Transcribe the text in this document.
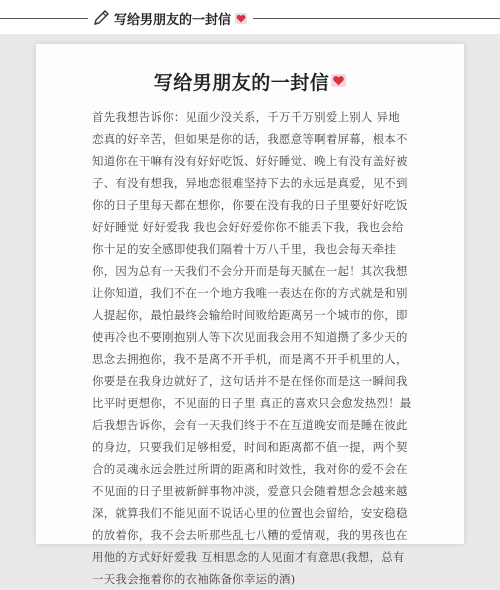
写给男朋友的一封信
写给男朋友的一封信
首先我想告诉你：见面少没关系，千万千万别爱上别人 异地
恋真的好辛苦，但如果是你的话，我愿意等啊着屏幕，根本不
知道你在干嘛有没有好好吃饭、好好睡觉、晚上有没有盖好被
子、有没有想我，异地恋很难坚持下去的永远是真爱，见不到
你的日子里每天都在想你，你要在没有我的日子里要好好吃饭
好好睡觉 好好爱我 我也会好好爱你你不能丢下我，我也会给
你十足的安全感即使我们隔着十万八千里，我也会每天牵挂
你，因为总有一天我们不会分开而是每天腻在一起！其次我想
让你知道，我们不在一个地方我唯一表达在你的方式就是和别
人提起你，最怕最终会输给时间败给距离另一个城市的你，即
使再冷也不要刚抱别人等下次见面我会用不知道攒了多少天的
思念去拥抱你，我不是离不开手机，而是离不开手机里的人，
你要是在我身边就好了，这句话并不是在怪你而是这一瞬间我
比平时更想你，不见面的日子里 真正的喜欢只会愈发热烈！最
后我想告诉你，会有一天我们终于不在互道晚安而是睡在彼此
的身边，只要我们足够相爱，时间和距离都不值一提，两个契
合的灵魂永远会胜过所谓的距离和时效性，我对你的爱不会在
不见面的日子里被新鲜事物冲淡，爱意只会随着想念会越来越
深，就算我们不能见面不说话心里的位置也会留给，安安稳稳
的放着你，我不会去听那些乱七八糟的爱情观，我的男孩也在
用他的方式好好爱我 互相思念的人见面才有意思(我想，总有
一天我会拖着你的衣袖陈备你幸运的酒)
